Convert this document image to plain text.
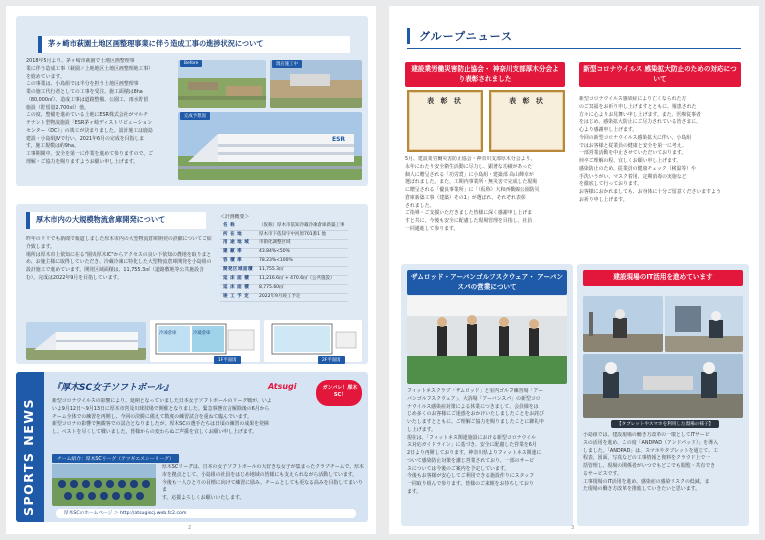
茅ヶ崎市萩園土地区画整理事業に伴う造成工事の進捗状況について
2018年5月より、茅ヶ崎市萩園で土地区画整理事
業に伴う造成工事（萩園ノ上地地区土地区画整理地工事）
を進めています。
この事業は、小島組では半分を担う土地区画整理事
業の施工代行者としての工事を受注。施工面積は8ha
（80,000㎡）、造成工事は道路整備、公園工、雨水貯留
施設（貯留量2,700㎥）他。
この度、整備を進めている上地にESR株式会社がマルチ
テナント型物流施設「ESR茅ヶ崎ディストリビューション
センター（DC）」の竣工が決まりました。設計施工は鹿島
建設・小島組JVで行い、2021年6月の完成を目指しま
す。施工規模は約9ha。
工事期間中、安全を第一に作業を進めて参りますので、ご
理解・ご協力を賜りますようお願い申し上げます。
Before	現在施工中
完成予想図
ESR
厚木市内の大規模物流倉庫開発について
昨年のリリでも新聞で報道しました厚木市内の大型物流倉庫開発の詳細についてご紹介致します。
場所は厚木市上依知に在る"圏央厚木IC"からアクセスの良い下依知の農地を取りまとめ、お施主様に取得していただき、冷蔵冷凍に特化した大型物流倉庫開発を小島組の設計施工で進めています。開発区域面積は、11,755.3㎡（道路敷地等公共施設含む）。完成は2022年9月を目指しています。
＜計画概要＞
名 称	（仮称）厚木市依知冷蔵冷凍倉庫新築工事
所 在 地	厚木市下依知字中河原701番1 他
用 途 地 域	市街化調整区域
建 蔽 率	43.84%<50%
容 積 率	78.23%<100%
開発区域面積	11,755.3㎡
延 床 面 積	11,216.6㎡ + 470.6㎡（公共施設）
延 床 面 積	8,775.60㎡
竣 工 予 定	2022年9月竣工予定
冷凍倉庫	冷蔵倉庫
1F平面図	2F平面図
SPORTS NEWS
『厚木SC女子ソフトボール』	Atsugi	ガンバレ！厚木SC！
新型コロナウイルスの影響により、延期となっていました日本女子ソフトボールのリーグ戦が、いよ
いよ9月12日〜9月13日に厚木市営及川球技場で開催となりました。緊急事態宣言解除後の6月から
チーム全体での練習を再開し、今回の決勝に備えて数度の練習試合を重ねて臨んでいます。
新型コロナの影響で無観客での試合となりましたが、厚木SCの選手たちは日頃の練習の成果を発揮
し、ベストを尽くして戦いました。皆様からの変わらぬご声援を宜しくお願い申し上げます。
チーム紹介：厚木SCリーグ（アツギエスシーリーグ）
厚木SCリーグは、日本の女子ソフトボールの大好きな女子が集まったクラブチームで、厚木
市を拠点として、小島組の社員をはじめ地域の皆様にも支えられながら活動しています。
今後も一人ひとりの目標に向けて練習に励み、チームとしても更なる高みを目指してまいりま
す。応援よろしくお願いいたします。
厚木SCのホームページ ＞ http://atsugiscj.web.fc2.com
2
グループニュース
建設業労働災害防止協会・ 神奈川支部厚木分会より表彰されました
表 彰 状	表 彰 状
5月、建設業労働災害防止協会・神奈川支部厚木分会より、
永年にわたり安全衛生活動に尽力し、顕著な功績があった
個人に贈呈される「功労賞」に小島組・建築部 高山輝幸が
選ばれました。また、工期内事業所・無災害で完成した現場
に贈呈される「優良事業所」に「（仮称）大和西橋線公園防災
倉庫新築工事（建築）その1」が選ばれ、それぞれ表彰
されました。
ご指導・ご支援いただきました皆様に深く感謝申し上げま
すと共に、今後も安全に配慮した現場管理を目指し、社員
一同邁進して参ります。
新型コロナウイルス 感染拡大防止のための対応について
新型コロナウイルス感染症により亡くなられた方
のご冥福をお祈り申し上げますとともに、罹患された
方々に心よりお見舞い申し上げます。また、医療従事者
をはじめ、感染拡大防止にご尽力されている皆さまに、
心より感謝申し上げます。
今回の新型コロナウイルス感染拡大に伴い、小島組
ではお客様と従業員の健康と安全を第一に考え、
一部営業活動を中止させていただいております。
何卒ご理解の程、宜しくお願い申し上げます。
感染防止のため、従業員の健康チェック（検温等）や
手洗いうがい、マスク着用、定期消毒の実施など
を徹底して行っております。
お客様におかれましても、お身体に十分ご留意くださいますよう
お祈り申し上げます。
ザムロッド・アーバンゴルフスクウェア・ アーバンスパの営業について
フィットネスクラブ「ザムロッド」と室内ゴルフ練習場「アー
バンゴルフスクウェア」、大浴場「アーバンスパ」の新型コロ
ナウイルス感染症対策による休業につきまして、会員様をは
じめ多くのお客様にご迷惑をおかけいたしましたことをお詫び
いたしますとともに、ご理解ご協力を賜りましたことに御礼申
し上げます。
現在は、「フィットネス関連施設における新型コロナウイル
ス対応ガイドライン」に基づき、安全に配慮した営業を6月
2日より再開しております。神奈川県よりフィットネス関連に
ついて感染防止対策を講じ営業されており、一部のサービ
スについては今後のご案内を予定しています。
今後もお客様が安心してご利用できる施設作りにスタッフ
一同取り組んで参ります。皆様のご来館をお待ちしており
ます。
建設現場のIT活用を進めています
【タブレットやスマホを利用した現場の様子】
小島組では、建設現場の働き方改革の一環としてITサービ
スの活用を進め、この度「ANDPAD（アンドパッド）」を導入
しました。「ANDPAD」は、スマホやタブレットを通じて、工
程表、図面、写真などの工事情報と資料をクラウド上で一
括管理し、現場の関係者がいつでもどこでも閲覧・共有でき
るサービスです。
工事現場のIT活用を進め、感染症の感染リスクの低減、ま
た現場の働き方改革を推進していきたいと思います。
3
